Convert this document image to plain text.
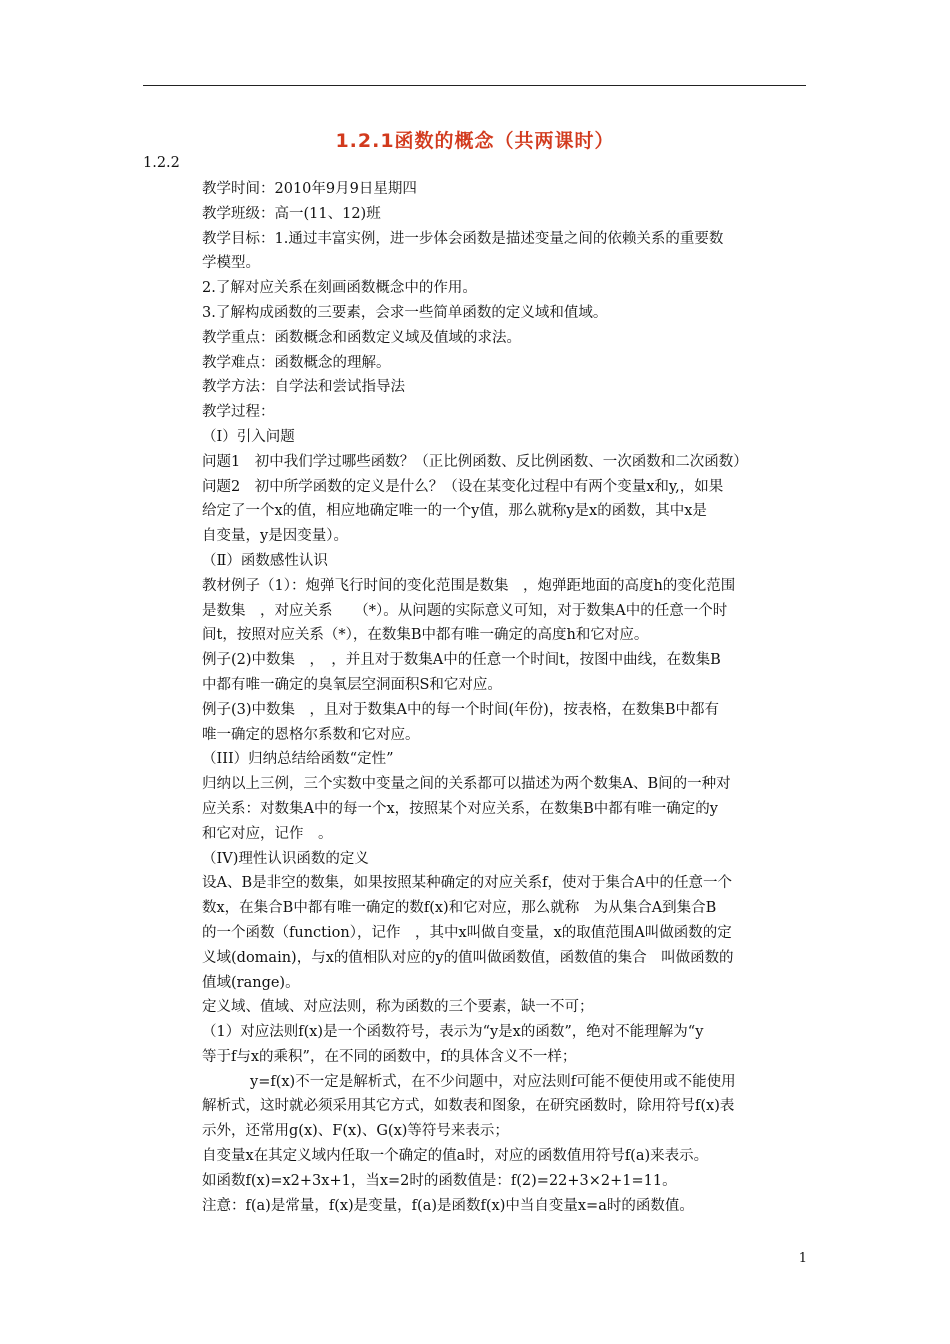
1.2.1函数的概念（共两课时）
1.2.2
教学时间：2010年9月9日星期四
教学班级：高一(11、12)班
教学目标：1.通过丰富实例，进一步体会函数是描述变量之间的依赖关系的重要数
学模型。
2.了解对应关系在刻画函数概念中的作用。
3.了解构成函数的三要素，会求一些简单函数的定义域和值域。
教学重点：函数概念和函数定义域及值域的求法。
教学难点：函数概念的理解。
教学方法：自学法和尝试指导法
教学过程：
（Ⅰ）引入问题
问题1　初中我们学过哪些函数？（正比例函数、反比例函数、一次函数和二次函数）
问题2　初中所学函数的定义是什么？（设在某变化过程中有两个变量x和y,，如果
给定了一个x的值，相应地确定唯一的一个y值，那么就称y是x的函数，其中x是
自变量，y是因变量）。
（Ⅱ）函数感性认识
教材例子（1）：炮弹飞行时间的变化范围是数集　，炮弹距地面的高度h的变化范围
是数集　，对应关系　　（*）。从问题的实际意义可知，对于数集A中的任意一个时
间t，按照对应关系（*），在数集B中都有唯一确定的高度h和它对应。
例子(2)中数集　，　，并且对于数集A中的任意一个时间t，按图中曲线，在数集B
中都有唯一确定的臭氧层空洞面积S和它对应。
例子(3)中数集　，且对于数集A中的每一个时间(年份)，按表格，在数集B中都有
唯一确定的恩格尔系数和它对应。
（III）归纳总结给函数“定性”
归纳以上三例，三个实数中变量之间的关系都可以描述为两个数集A、B间的一种对
应关系：对数集A中的每一个x，按照某个对应关系，在数集B中都有唯一确定的y
和它对应，记作　。
（IV)理性认识函数的定义
设A、B是非空的数集，如果按照某种确定的对应关系f，使对于集合A中的任意一个
数x，在集合B中都有唯一确定的数f(x)和它对应，那么就称　为从集合A到集合B
的一个函数（function），记作　，其中x叫做自变量，x的取值范围A叫做函数的定
义域(domain)，与x的值相队对应的y的值叫做函数值，函数值的集合　叫做函数的
值域(range)。
定义域、值域、对应法则，称为函数的三个要素，缺一不可；
（1）对应法则f(x)是一个函数符号，表示为“y是x的函数”，绝对不能理解为“y
等于f与x的乘积”，在不同的函数中，f的具体含义不一样；
y=f(x)不一定是解析式，在不少问题中，对应法则f可能不便使用或不能使用
解析式，这时就必须采用其它方式，如数表和图象，在研究函数时，除用符号f(x)表
示外，还常用g(x)、F(x)、G(x)等符号来表示；
自变量x在其定义域内任取一个确定的值a时，对应的函数值用符号f(a)来表示。
如函数f(x)=x2+3x+1，当x=2时的函数值是：f(2)=22+3×2+1=11。
注意：f(a)是常量，f(x)是变量，f(a)是函数f(x)中当自变量x=a时的函数值。
1
